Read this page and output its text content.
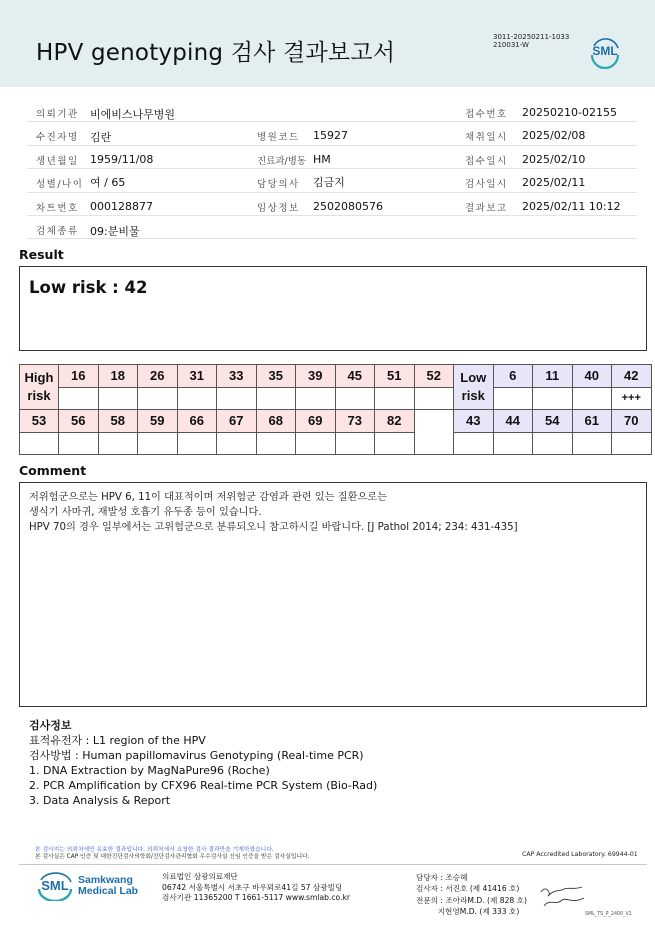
HPV genotyping 검사 결과보고서
3011-20250211-1033
210031-W	SML
의뢰기관 비에비스나무병원	접수번호 20250210-02155
수진자명 김란	병원코드 15927	채취일시 2025/02/08
생년월일 1959/11/08	진료과/병동 HM	접수일시 2025/02/10
성별/나이 여 / 65	담당의사 김금지	검사일시 2025/02/11
차트번호 000128877	임상정보 2502080576	결과보고 2025/02/11 10:12
검체종류 09:분비물
Result
Low risk : 42
High risk	16	18	26	31	33	35	39	45	51	52	Low risk	6	11	40	42
															+++
53	56	58	59	66	67	68	69	73	82		43	44	54	61	70

Comment
저위험군으로는 HPV 6, 11이 대표적이며 저위험군 감염과 관련 있는 질환으로는
생식기 사마귀, 재발성 호흡기 유두종 등이 있습니다.
HPV 70의 경우 일부에서는 고위험군으로 분류되오니 참고하시길 바랍니다. [J Pathol 2014; 234: 431-435]
검사정보
표적유전자 : L1 region of the HPV
검사방법 : Human papillomavirus Genotyping (Real-time PCR)
1. DNA Extraction by MagNaPure96 (Roche)
2. PCR Amplification by CFX96 Real-time PCR System (Bio-Rad)
3. Data Analysis & Report
본 검사지는 의뢰처에만 유효한 결과입니다. 의뢰처에서 요청한 검사 결과만을 기재하였습니다.
본 검사실은 CAP 인증 및 대한진단검사의학회/진단검사관리협회 우수검사실 신임 인증을 받은 검사실입니다.	CAP Accredited Laboratory. 69944-01
SML Samkwang
Medical Lab
의료법인 삼광의료재단
06742 서울특별시 서초구 바우뫼로41길 57 삼광빌딩
검사기관 11365200 T 1661-5117 www.smlab.co.kr
담당자 : 조승혜
검사자 : 서진호 (제 41416 호)
전문의 : 조아라M.D. (제 828 호)
지현영M.D. (제 333 호)	SML_TS_P_2400_V1
